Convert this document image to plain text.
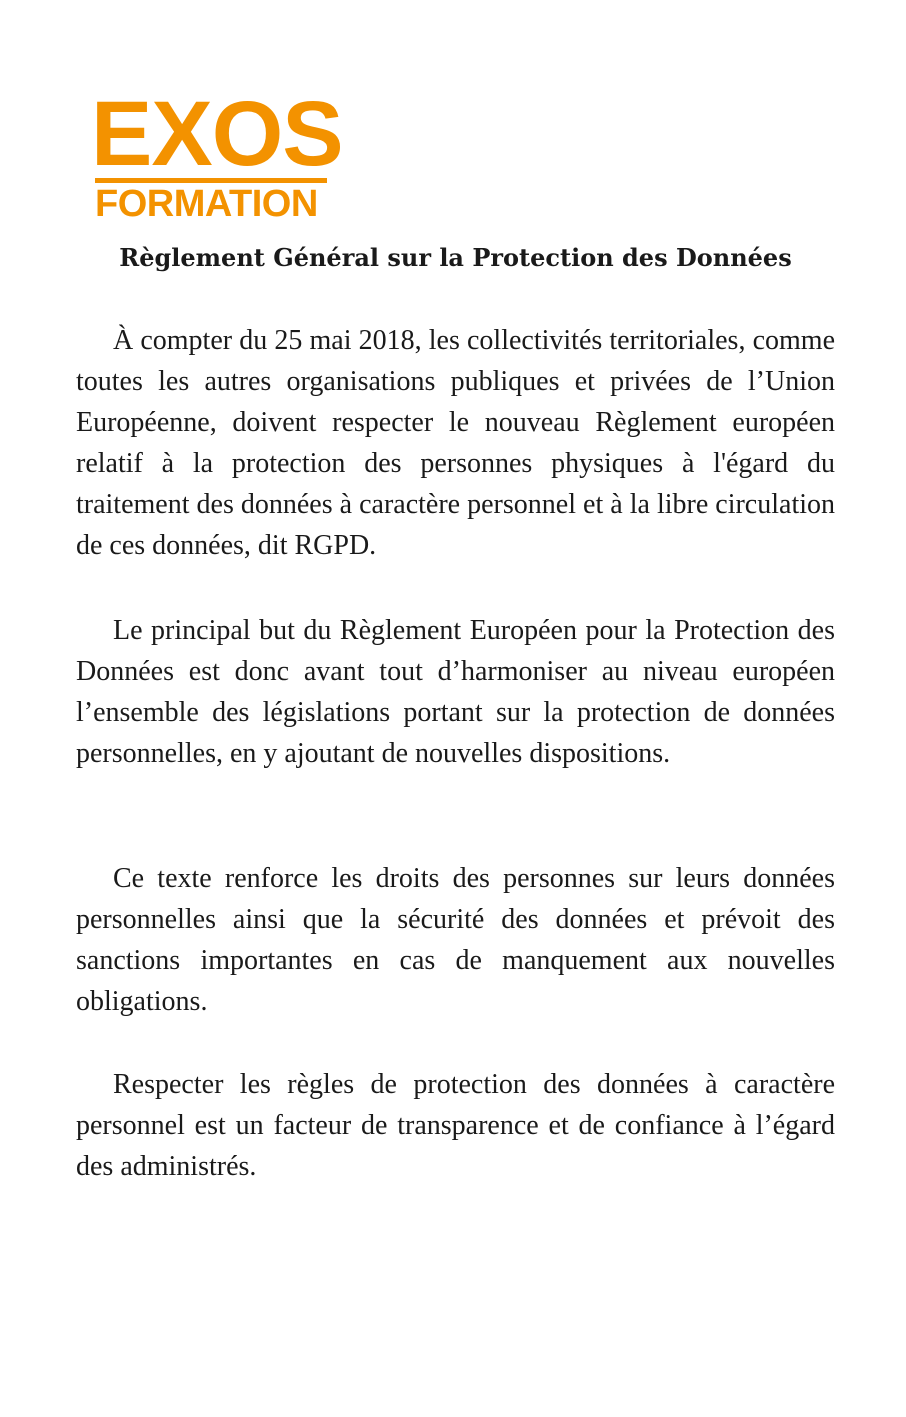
EXOS
FORMATION
Règlement Général sur la Protection des Données

À compter du 25 mai 2018, les collectivités territoriales, comme toutes les autres organisations publiques et privées de l’Union Européenne, doivent respecter le nouveau Règlement européen relatif à la protection des personnes physiques à l'égard du traitement des données à caractère personnel et à la libre circulation de ces données, dit RGPD.

Le principal but du Règlement Européen pour la Protection des Données est donc avant tout d’harmoniser au niveau européen l’ensemble des législations portant sur la protection de données personnelles, en y ajoutant de nouvelles dispositions.

Ce texte renforce les droits des personnes sur leurs données personnelles ainsi que la sécurité des données et prévoit des sanctions importantes en cas de manquement aux nouvelles obligations.

Respecter les règles de protection des données à caractère personnel est un facteur de transparence et de confiance à l’égard des administrés.
